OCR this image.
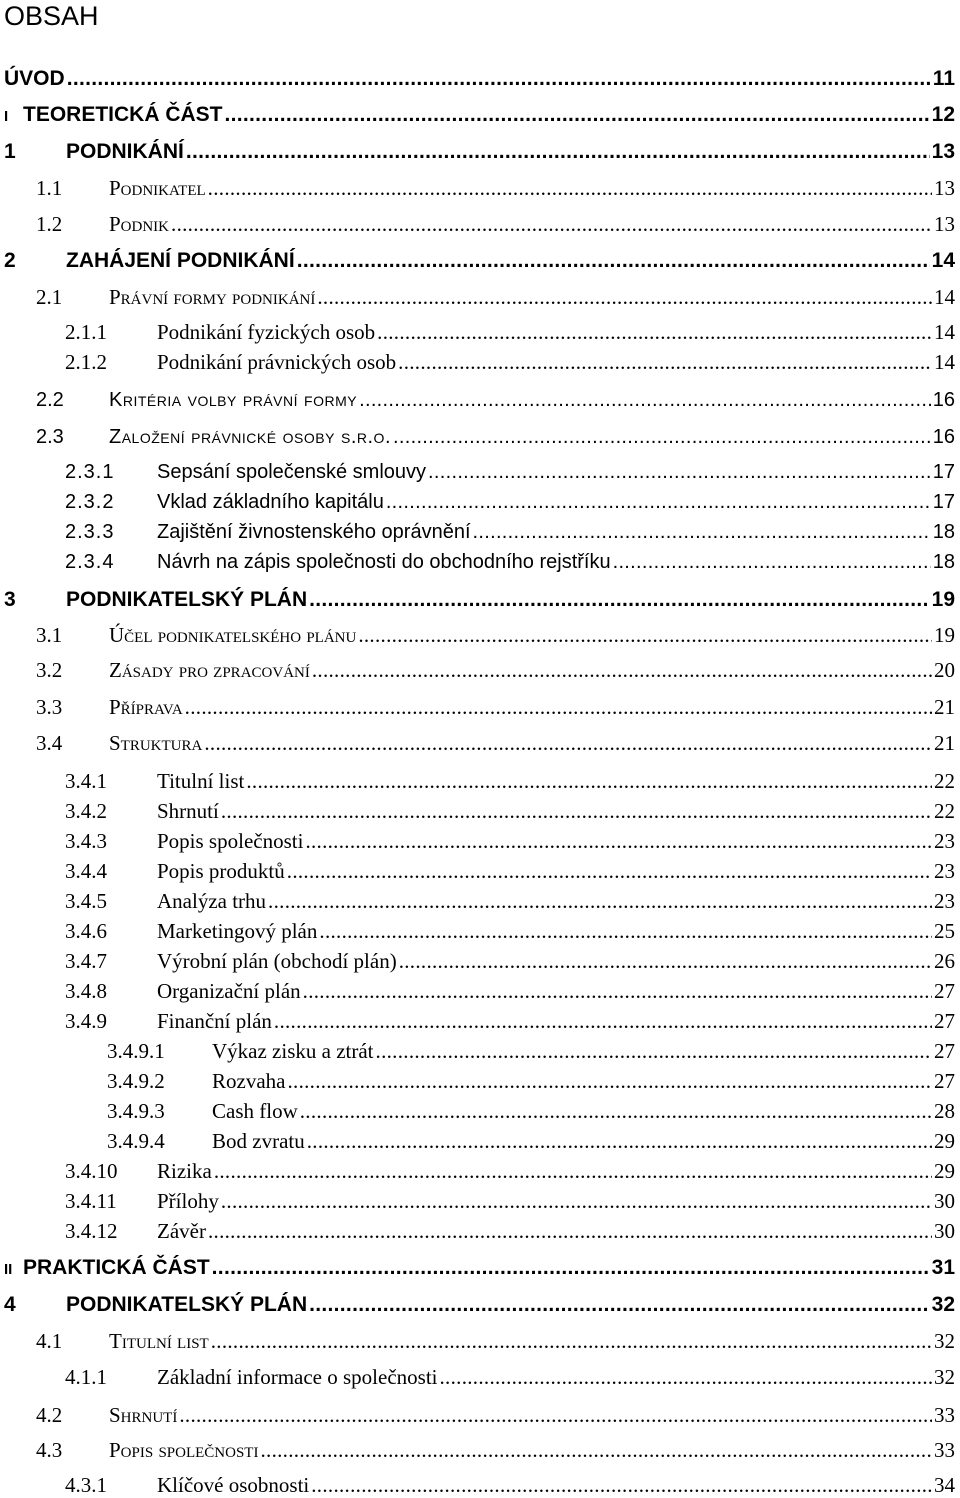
OBSAH
ÚVOD .....	11
I TEORETICKÁ ČÁST .....	12
1	PODNIKÁNÍ .....	13
1.1	Podnikatel .....	13
1.2	Podnik .....	13
2	ZAHÁJENÍ PODNIKÁNÍ .....	14
2.1	Právní formy podnikání .....	14
2.1.1	Podnikání fyzických osob .....	14
2.1.2	Podnikání právnických osob .....	14
2.2	Kritéria volby právní formy .....	16
2.3	Založení právnické osoby s.r.o. .....	16
2.3.1	Sepsání společenské smlouvy .....	17
2.3.2	Vklad základního kapitálu .....	17
2.3.3	Zajištění živnostenského oprávnění .....	18
2.3.4	Návrh na zápis společnosti do obchodního rejstříku .....	18
3	PODNIKATELSKÝ PLÁN .....	19
3.1	Účel podnikatelského plánu .....	19
3.2	Zásady pro zpracování .....	20
3.3	Příprava .....	21
3.4	Struktura .....	21
3.4.1	Titulní list .....	22
3.4.2	Shrnutí .....	22
3.4.3	Popis společnosti .....	23
3.4.4	Popis produktů .....	23
3.4.5	Analýza trhu .....	23
3.4.6	Marketingový plán .....	25
3.4.7	Výrobní plán (obchodí plán) .....	26
3.4.8	Organizační plán .....	27
3.4.9	Finanční plán .....	27
3.4.9.1	Výkaz zisku a ztrát .....	27
3.4.9.2	Rozvaha .....	27
3.4.9.3	Cash flow .....	28
3.4.9.4	Bod zvratu .....	29
3.4.10	Rizika .....	29
3.4.11	Přílohy .....	30
3.4.12	Závěr .....	30
II PRAKTICKÁ ČÁST .....	31
4	PODNIKATELSKÝ PLÁN .....	32
4.1	Titulní list .....	32
4.1.1	Základní informace o společnosti .....	32
4.2	Shrnutí .....	33
4.3	Popis společnosti .....	33
4.3.1	Klíčové osobnosti .....	34
